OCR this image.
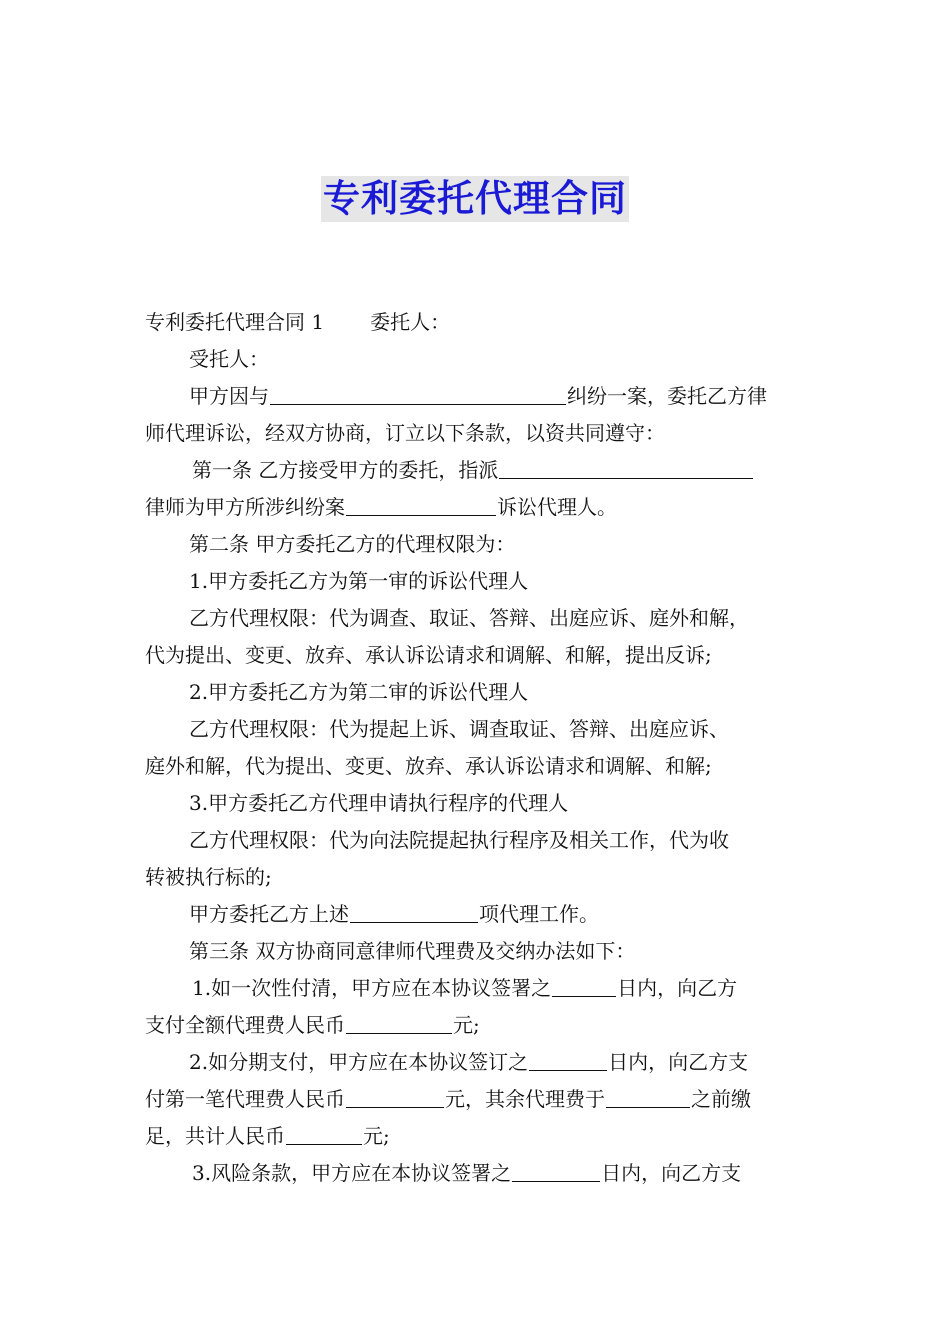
专利委托代理合同
专利委托代理合同 1 委托人：
受托人：
甲方因与	纠纷一案，委托乙方律
师代理诉讼，经双方协商，订立以下条款，以资共同遵守：
第一条 乙方接受甲方的委托，指派
律师为甲方所涉纠纷案	诉讼代理人。
第二条 甲方委托乙方的代理权限为：
1.甲方委托乙方为第一审的诉讼代理人
乙方代理权限：代为调查、取证、答辩、出庭应诉、庭外和解，
代为提出、变更、放弃、承认诉讼请求和调解、和解，提出反诉;
2.甲方委托乙方为第二审的诉讼代理人
乙方代理权限：代为提起上诉、调查取证、答辩、出庭应诉、
庭外和解，代为提出、变更、放弃、承认诉讼请求和调解、和解;
3.甲方委托乙方代理申请执行程序的代理人
乙方代理权限：代为向法院提起执行程序及相关工作，代为收
转被执行标的;
甲方委托乙方上述	项代理工作。
第三条 双方协商同意律师代理费及交纳办法如下：
1.如一次性付清，甲方应在本协议签署之	日内，向乙方
支付全额代理费人民币	元;
2.如分期支付，甲方应在本协议签订之	日内，向乙方支
付第一笔代理费人民币	元，其余代理费于	之前缴
足，共计人民币	元;
3.风险条款，甲方应在本协议签署之	日内，向乙方支
